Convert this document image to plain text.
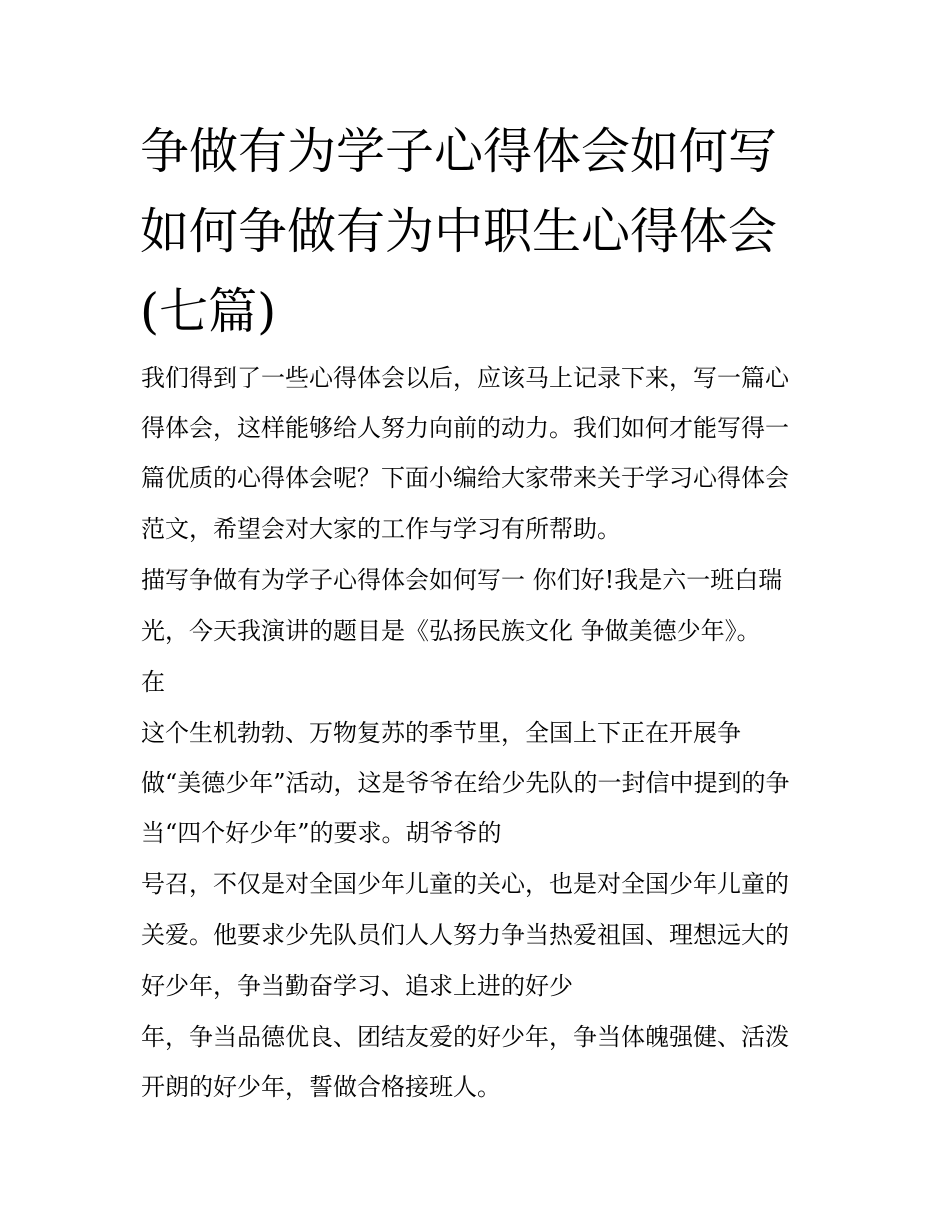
争做有为学子心得体会如何写
如何争做有为中职生心得体会
(七篇)

我们得到了一些心得体会以后，应该马上记录下来，写一篇心

得体会，这样能够给人努力向前的动力。我们如何才能写得一

篇优质的心得体会呢？下面小编给大家带来关于学习心得体会

范文，希望会对大家的工作与学习有所帮助。

描写争做有为学子心得体会如何写一 你们好!我是六一班白瑞

光，今天我演讲的题目是《弘扬民族文化 争做美德少年》。

在

这个生机勃勃、万物复苏的季节里，全国上下正在开展争

做“美德少年”活动，这是爷爷在给少先队的一封信中提到的争

当“四个好少年”的要求。胡爷爷的

号召，不仅是对全国少年儿童的关心，也是对全国少年儿童的

关爱。他要求少先队员们人人努力争当热爱祖国、理想远大的

好少年，争当勤奋学习、追求上进的好少

年，争当品德优良、团结友爱的好少年，争当体魄强健、活泼

开朗的好少年，誓做合格接班人。
